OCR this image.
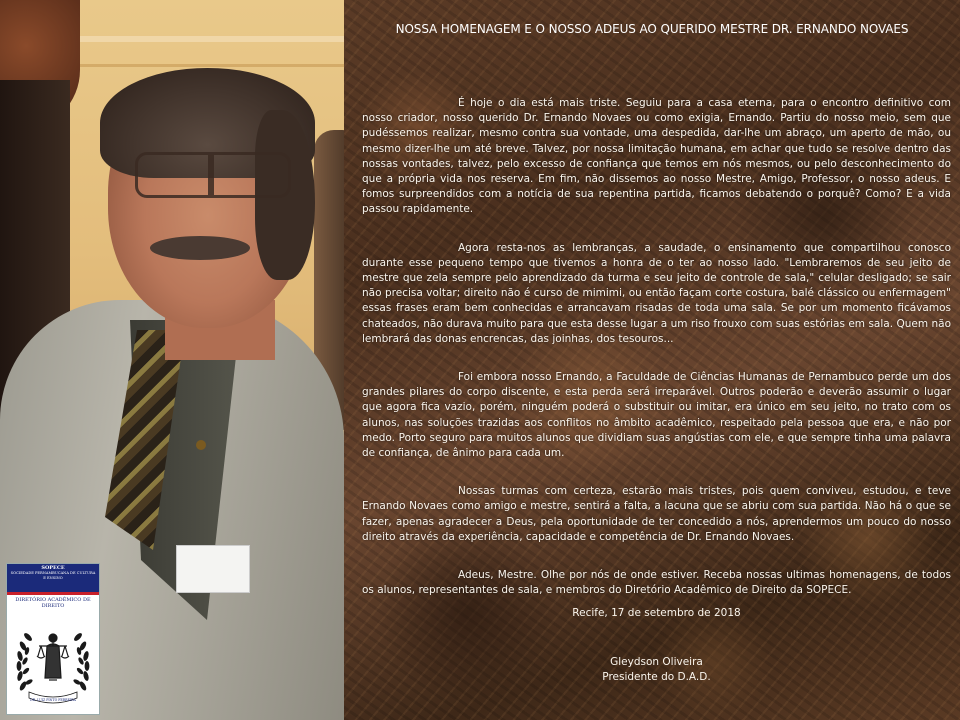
SOPECE
SOCIEDADE PERNAMBUCANA DE CULTURA
E ENSINO
DIRETÓRIO ACADÊMICO DE
DIREITO
DR. LUIZ PINTO FERREIRA
NOSSA HOMENAGEM E O NOSSO ADEUS AO QUERIDO MESTRE DR. ERNANDO NOVAES

É hoje o dia está mais triste. Seguiu para a casa eterna, para o encontro definitivo com nosso criador, nosso querido Dr. Ernando Novaes ou como exigia, Ernando. Partiu do nosso meio, sem que pudéssemos realizar, mesmo contra sua vontade, uma despedida, dar-lhe um abraço, um aperto de mão, ou mesmo dizer-lhe um até breve. Talvez, por nossa limitação humana, em achar que tudo se resolve dentro das nossas vontades, talvez, pelo excesso de confiança que temos em nós mesmos, ou pelo desconhecimento do que a própria vida nos reserva. Em fim, não dissemos ao nosso Mestre, Amigo, Professor, o nosso adeus. E fomos surpreendidos com a notícia de sua repentina partida, ficamos debatendo o porquê? Como? E a vida passou rapidamente.

Agora resta-nos as lembranças, a saudade, o ensinamento que compartilhou conosco durante esse pequeno tempo que tivemos a honra de o ter ao nosso lado. "Lembraremos de seu jeito de mestre que zela sempre pelo aprendizado da turma e seu jeito de controle de sala," celular desligado; se sair não precisa voltar; direito não é curso de mimimi, ou então façam corte costura, balé clássico ou enfermagem" essas frases eram bem conhecidas e arrancavam risadas de toda uma sala. Se por um momento ficávamos chateados, não durava muito para que esta desse lugar a um riso frouxo com suas estórias em sala. Quem não lembrará das donas encrencas, das joinhas, dos tesouros...

Foi embora nosso Ernando, a Faculdade de Ciências Humanas de Pernambuco perde um dos grandes pilares do corpo discente, e esta perda será irreparável. Outros poderão e deverão assumir o lugar que agora fica vazio, porém, ninguém poderá o substituir ou imitar, era único em seu jeito, no trato com os alunos, nas soluções trazidas aos conflitos no âmbito acadêmico, respeitado pela pessoa que era, e não por medo. Porto seguro para muitos alunos que dividiam suas angústias com ele, e que sempre tinha uma palavra de confiança, de ânimo para cada um.

Nossas turmas com certeza, estarão mais tristes, pois quem conviveu, estudou, e teve Ernando Novaes como amigo e mestre, sentirá a falta, a lacuna que se abriu com sua partida. Não há o que se fazer, apenas agradecer a Deus, pela oportunidade de ter concedido a nós, aprendermos um pouco do nosso direito através da experiência, capacidade e competência de Dr. Ernando Novaes.

Adeus, Mestre. Olhe por nós de onde estiver. Receba nossas ultimas homenagens, de todos os alunos, representantes de sala, e membros do Diretório Acadêmico de Direito da SOPECE.

Recife, 17 de setembro de 2018

Gleydson Oliveira

Presidente do D.A.D.
